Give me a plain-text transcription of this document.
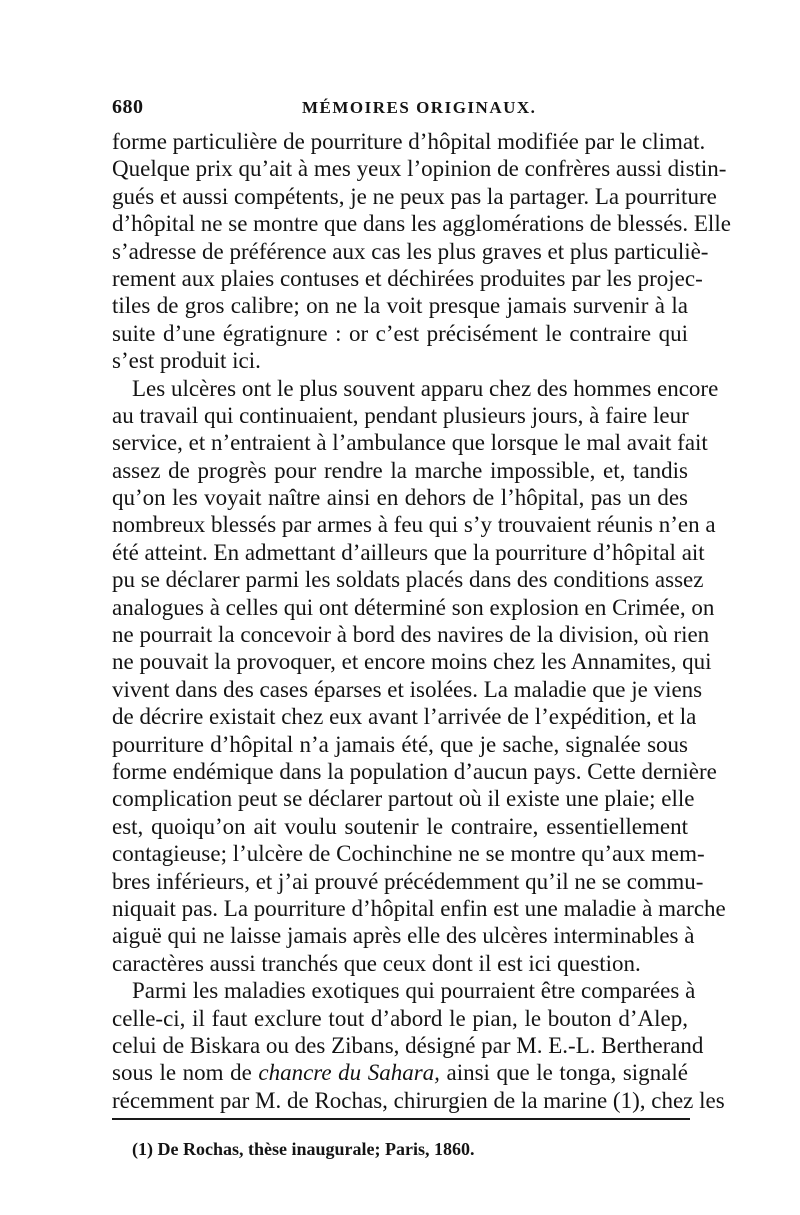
680	MÉMOIRES ORIGINAUX.
forme particulière de pourriture d’hôpital modifiée par le climat.
Quelque prix qu’ait à mes yeux l’opinion de confrères aussi distin-
gués et aussi compétents, je ne peux pas la partager. La pourriture
d’hôpital ne se montre que dans les agglomérations de blessés. Elle
s’adresse de préférence aux cas les plus graves et plus particuliè-
rement aux plaies contuses et déchirées produites par les projec-
tiles de gros calibre; on ne la voit presque jamais survenir à la
suite d’une égratignure : or c’est précisément le contraire qui
s’est produit ici.
Les ulcères ont le plus souvent apparu chez des hommes encore
au travail qui continuaient, pendant plusieurs jours, à faire leur
service, et n’entraient à l’ambulance que lorsque le mal avait fait
assez de progrès pour rendre la marche impossible, et, tandis
qu’on les voyait naître ainsi en dehors de l’hôpital, pas un des
nombreux blessés par armes à feu qui s’y trouvaient réunis n’en a
été atteint. En admettant d’ailleurs que la pourriture d’hôpital ait
pu se déclarer parmi les soldats placés dans des conditions assez
analogues à celles qui ont déterminé son explosion en Crimée, on
ne pourrait la concevoir à bord des navires de la division, où rien
ne pouvait la provoquer, et encore moins chez les Annamites, qui
vivent dans des cases éparses et isolées. La maladie que je viens
de décrire existait chez eux avant l’arrivée de l’expédition, et la
pourriture d’hôpital n’a jamais été, que je sache, signalée sous
forme endémique dans la population d’aucun pays. Cette dernière
complication peut se déclarer partout où il existe une plaie; elle
est, quoiqu’on ait voulu soutenir le contraire, essentiellement
contagieuse; l’ulcère de Cochinchine ne se montre qu’aux mem-
bres inférieurs, et j’ai prouvé précédemment qu’il ne se commu-
niquait pas. La pourriture d’hôpital enfin est une maladie à marche
aiguë qui ne laisse jamais après elle des ulcères interminables à
caractères aussi tranchés que ceux dont il est ici question.
Parmi les maladies exotiques qui pourraient être comparées à
celle-ci, il faut exclure tout d’abord le pian, le bouton d’Alep,
celui de Biskara ou des Zibans, désigné par M. E.-L. Bertherand
sous le nom de chancre du Sahara, ainsi que le tonga, signalé
récemment par M. de Rochas, chirurgien de la marine (1), chez les
(1) De Rochas, thèse inaugurale; Paris, 1860.
